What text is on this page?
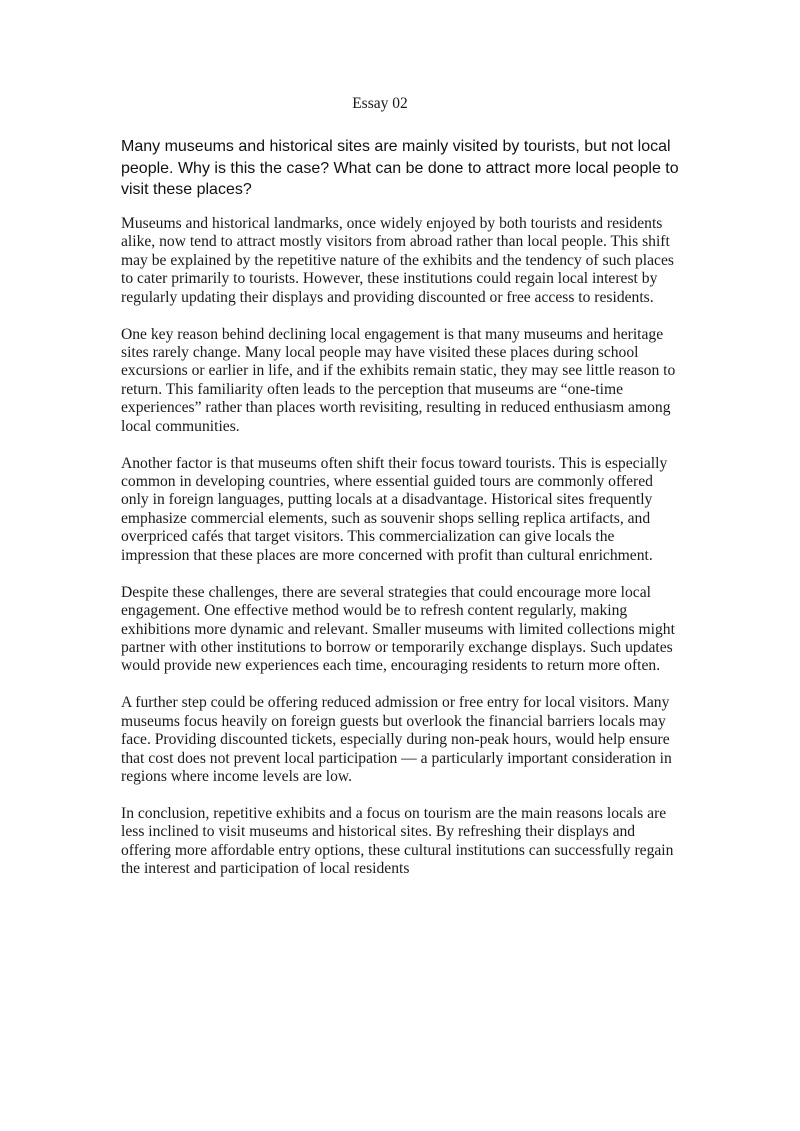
Essay 02
Many museums and historical sites are mainly visited by tourists, but not local people. Why is this the case? What can be done to attract more local people to visit these places?

Museums and historical landmarks, once widely enjoyed by both tourists and residents alike, now tend to attract mostly visitors from abroad rather than local people. This shift may be explained by the repetitive nature of the exhibits and the tendency of such places to cater primarily to tourists. However, these institutions could regain local interest by regularly updating their displays and providing discounted or free access to residents.

One key reason behind declining local engagement is that many museums and heritage sites rarely change. Many local people may have visited these places during school excursions or earlier in life, and if the exhibits remain static, they may see little reason to return. This familiarity often leads to the perception that museums are “one-time experiences” rather than places worth revisiting, resulting in reduced enthusiasm among local communities.

Another factor is that museums often shift their focus toward tourists. This is especially common in developing countries, where essential guided tours are commonly offered only in foreign languages, putting locals at a disadvantage. Historical sites frequently emphasize commercial elements, such as souvenir shops selling replica artifacts, and overpriced cafés that target visitors. This commercialization can give locals the impression that these places are more concerned with profit than cultural enrichment.

Despite these challenges, there are several strategies that could encourage more local engagement. One effective method would be to refresh content regularly, making exhibitions more dynamic and relevant. Smaller museums with limited collections might partner with other institutions to borrow or temporarily exchange displays. Such updates would provide new experiences each time, encouraging residents to return more often.

A further step could be offering reduced admission or free entry for local visitors. Many museums focus heavily on foreign guests but overlook the financial barriers locals may face. Providing discounted tickets, especially during non-peak hours, would help ensure that cost does not prevent local participation — a particularly important consideration in regions where income levels are low.

In conclusion, repetitive exhibits and a focus on tourism are the main reasons locals are less inclined to visit museums and historical sites. By refreshing their displays and offering more affordable entry options, these cultural institutions can successfully regain the interest and participation of local residents
